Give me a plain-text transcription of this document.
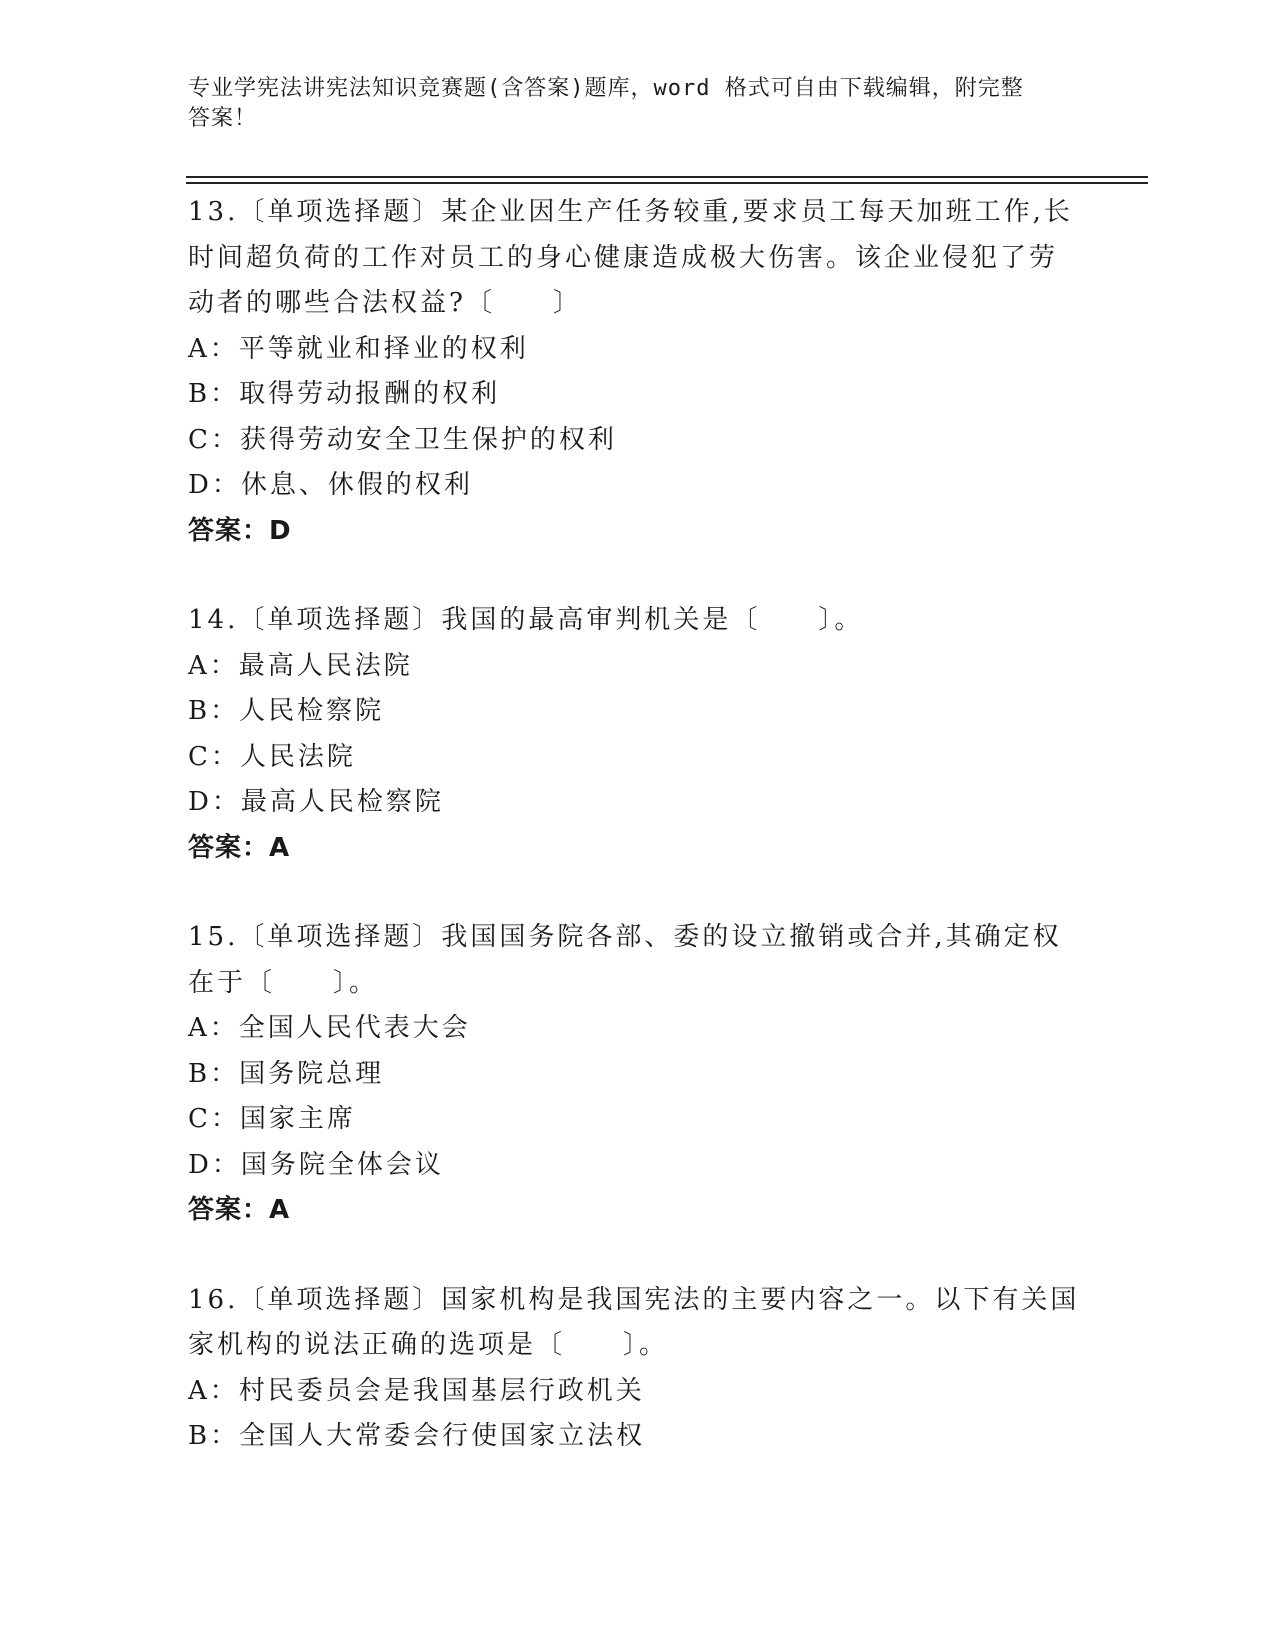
专业学宪法讲宪法知识竞赛题(含答案)题库，word 格式可自由下载编辑，附完整
答案！

13.〔单项选择题〕某企业因生产任务较重,要求员工每天加班工作,长

时间超负荷的工作对员工的身心健康造成极大伤害。该企业侵犯了劳

动者的哪些合法权益?〔　　〕

A：平等就业和择业的权利

B：取得劳动报酬的权利

C：获得劳动安全卫生保护的权利

D：休息、休假的权利

答案：D

14.〔单项选择题〕我国的最高审判机关是〔　　〕。

A：最高人民法院

B：人民检察院

C：人民法院

D：最高人民检察院

答案：A

15.〔单项选择题〕我国国务院各部、委的设立撤销或合并,其确定权

在于〔　　〕。

A：全国人民代表大会

B：国务院总理

C：国家主席

D：国务院全体会议

答案：A

16.〔单项选择题〕国家机构是我国宪法的主要内容之一。以下有关国

家机构的说法正确的选项是〔　　〕。

A：村民委员会是我国基层行政机关

B：全国人大常委会行使国家立法权
